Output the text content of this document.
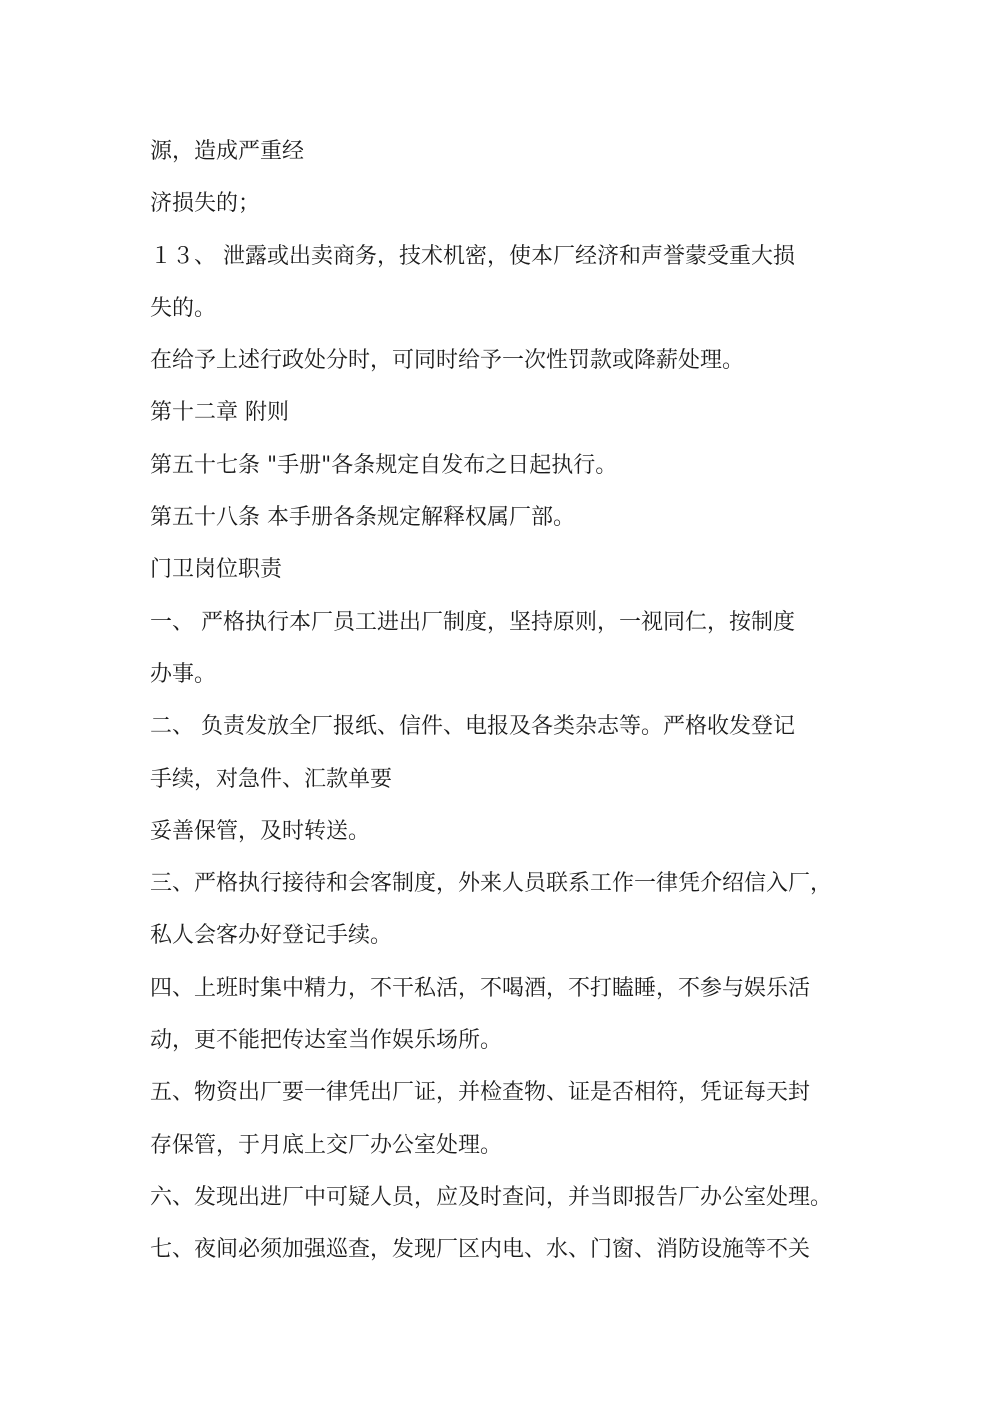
源，造成严重经
济损失的；
１３、 泄露或出卖商务，技术机密，使本厂经济和声誉蒙受重大损
失的。
在给予上述行政处分时，可同时给予一次性罚款或降薪处理。
第十二章 附则
第五十七条 "手册"各条规定自发布之日起执行。
第五十八条 本手册各条规定解释权属厂部。
门卫岗位职责
一、 严格执行本厂员工进出厂制度，坚持原则，一视同仁，按制度
办事。
二、 负责发放全厂报纸、信件、电报及各类杂志等。严格收发登记
手续，对急件、汇款单要
妥善保管，及时转送。
三、严格执行接待和会客制度，外来人员联系工作一律凭介绍信入厂，
私人会客办好登记手续。
四、上班时集中精力，不干私活，不喝酒，不打瞌睡，不参与娱乐活
动，更不能把传达室当作娱乐场所。
五、物资出厂要一律凭出厂证，并检查物、证是否相符，凭证每天封
存保管，于月底上交厂办公室处理。
六、发现出进厂中可疑人员，应及时查问，并当即报告厂办公室处理。
七、夜间必须加强巡查，发现厂区内电、水、门窗、消防设施等不关
